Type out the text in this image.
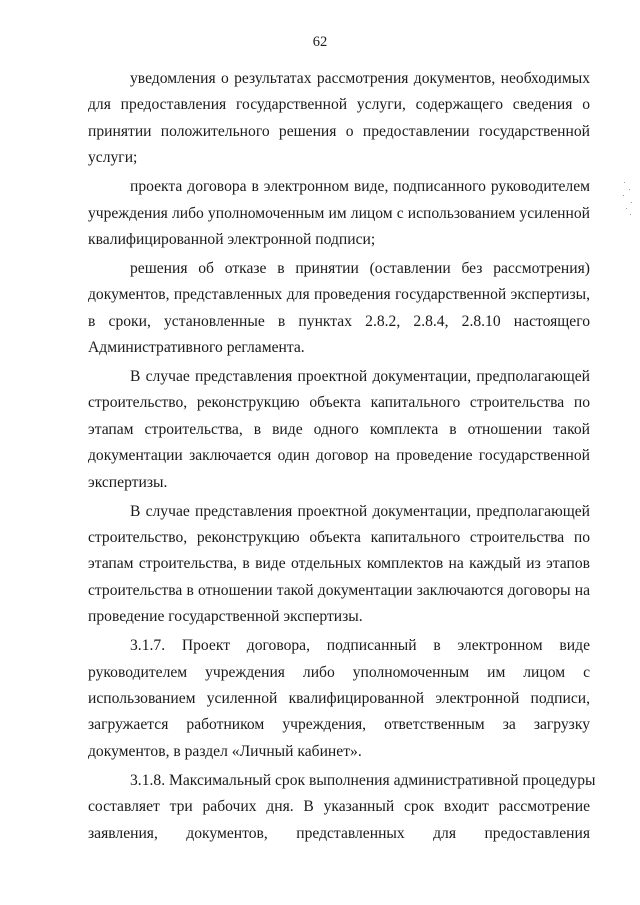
62
уведомления о результатах рассмотрения документов, необходимых
для предоставления государственной услуги, содержащего сведения о
принятии положительного решения о предоставлении государственной
услуги;
проекта договора в электронном виде, подписанного руководителем
учреждения либо уполномоченным им лицом с использованием усиленной
квалифицированной электронной подписи;
решения об отказе в принятии (оставлении без рассмотрения)
документов, представленных для проведения государственной экспертизы,
в сроки, установленные в пунктах 2.8.2, 2.8.4, 2.8.10 настоящего
Административного регламента.
В случае представления проектной документации, предполагающей
строительство, реконструкцию объекта капитального строительства по
этапам строительства, в виде одного комплекта в отношении такой
документации заключается один договор на проведение государственной
экспертизы.
В случае представления проектной документации, предполагающей
строительство, реконструкцию объекта капитального строительства по
этапам строительства, в виде отдельных комплектов на каждый из этапов
строительства в отношении такой документации заключаются договоры на
проведение государственной экспертизы.
3.1.7. Проект договора, подписанный в электронном виде
руководителем учреждения либо уполномоченным им лицом с
использованием усиленной квалифицированной электронной подписи,
загружается работником учреждения, ответственным за загрузку
документов, в раздел «Личный кабинет».
3.1.8. Максимальный срок выполнения административной процедуры
составляет три рабочих дня. В указанный срок входит рассмотрение
заявления, документов, представленных для предоставления
